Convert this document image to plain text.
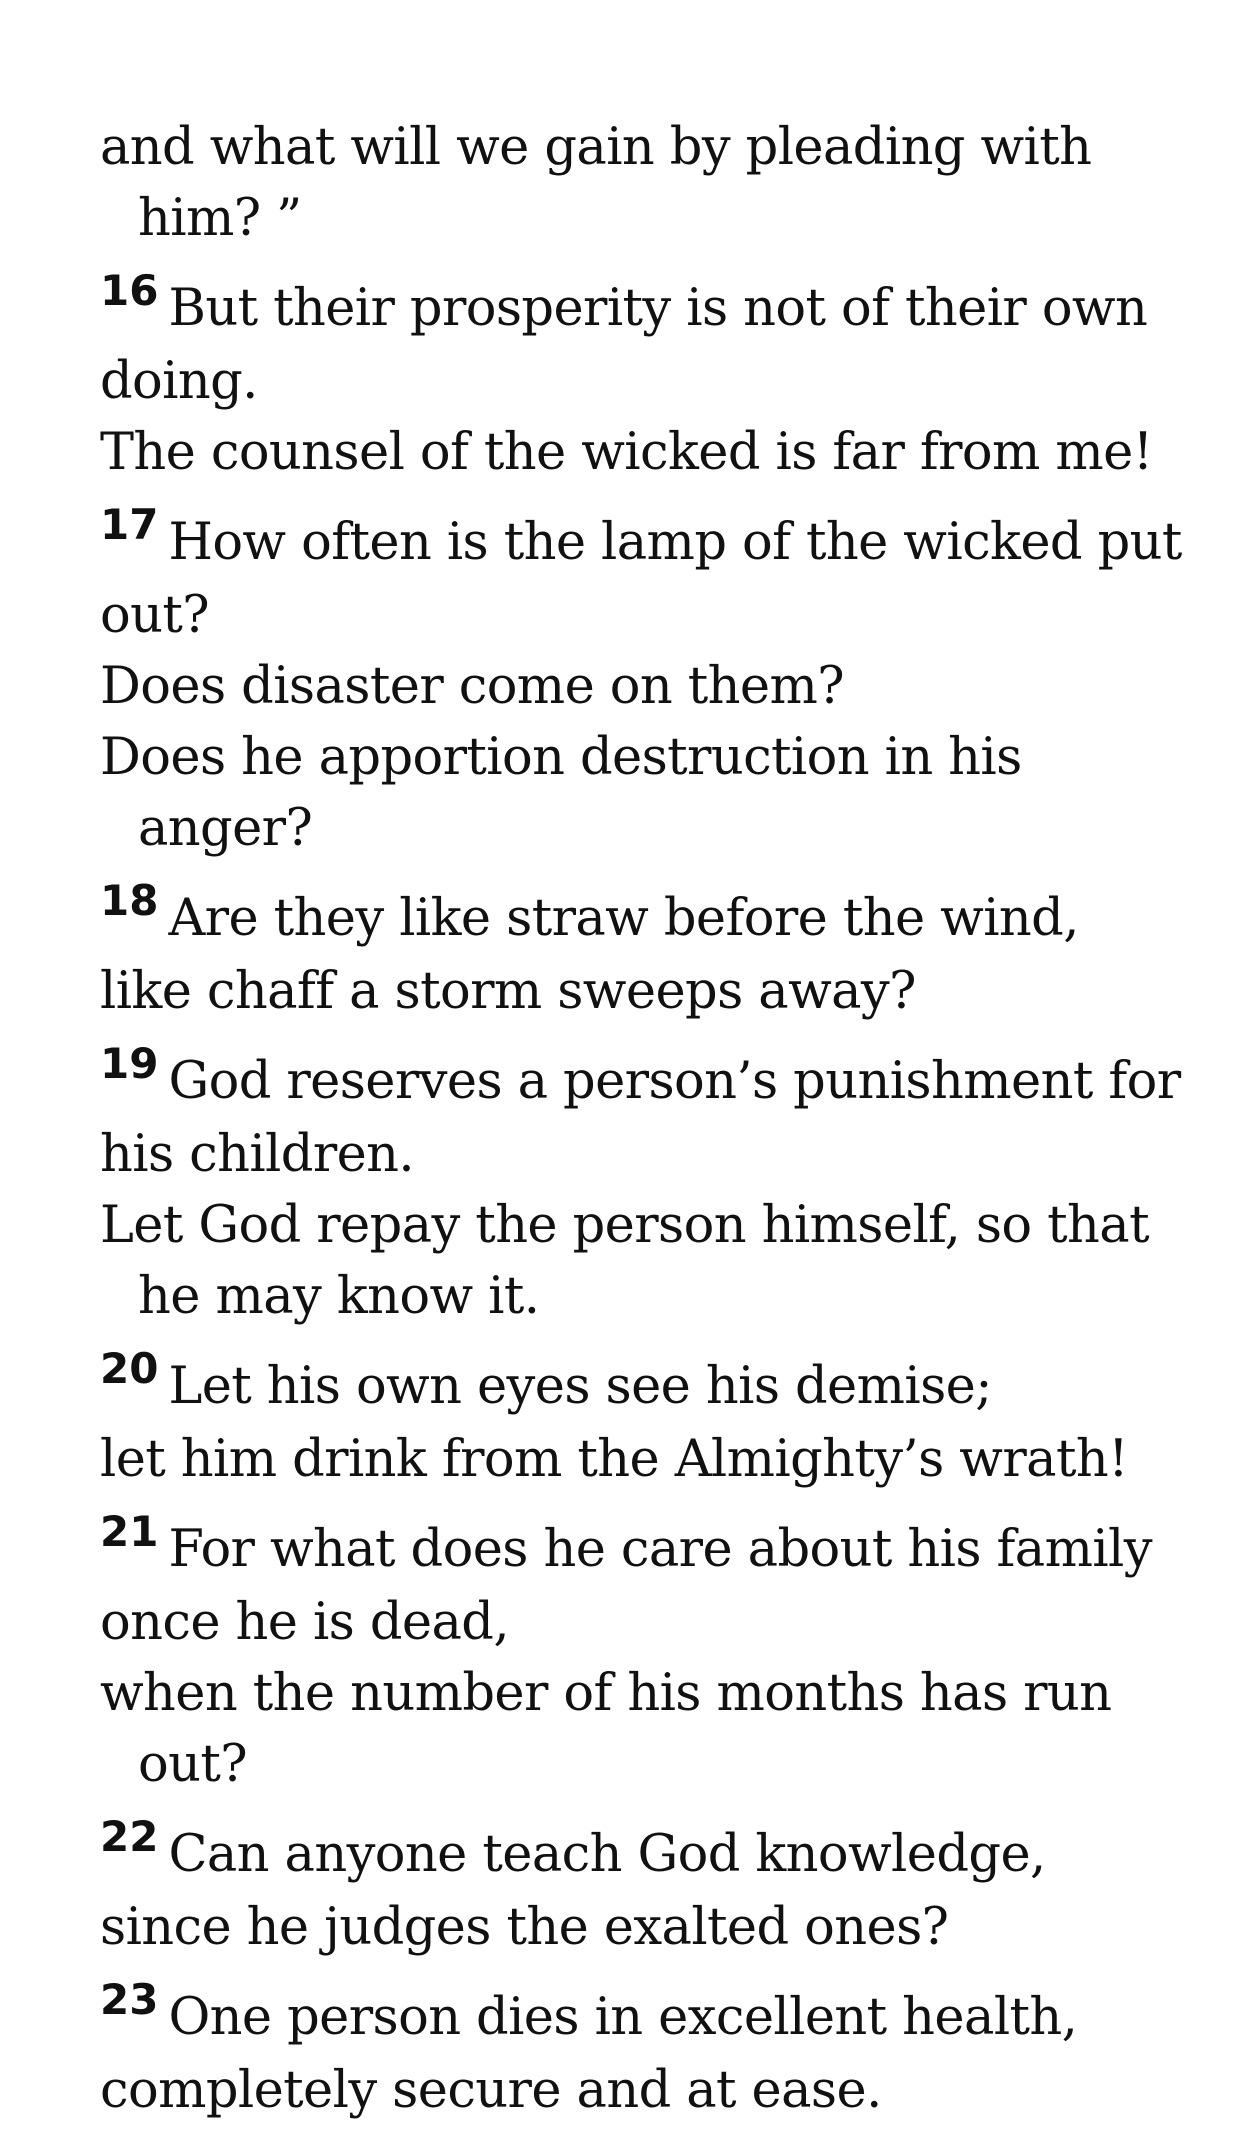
and what will we gain by pleading with him? ”

$^{16}$ But their prosperity is not of their own doing.

The counsel of the wicked is far from me!

$^{17}$ How often is the lamp of the wicked put out?

Does disaster come on them?

Does he apportion destruction in his anger?

$^{18}$ Are they like straw before the wind,

like chaff a storm sweeps away?

$^{19}$ God reserves a person’s punishment for his children.

Let God repay the person himself, so that he may know it.

$^{20}$ Let his own eyes see his demise;

let him drink from the Almighty’s wrath!

$^{21}$ For what does he care about his family once he is dead,

when the number of his months has run out?

$^{22}$ Can anyone teach God knowledge,

since he judges the exalted ones?

$^{23}$ One person dies in excellent health,

completely secure and at ease.
